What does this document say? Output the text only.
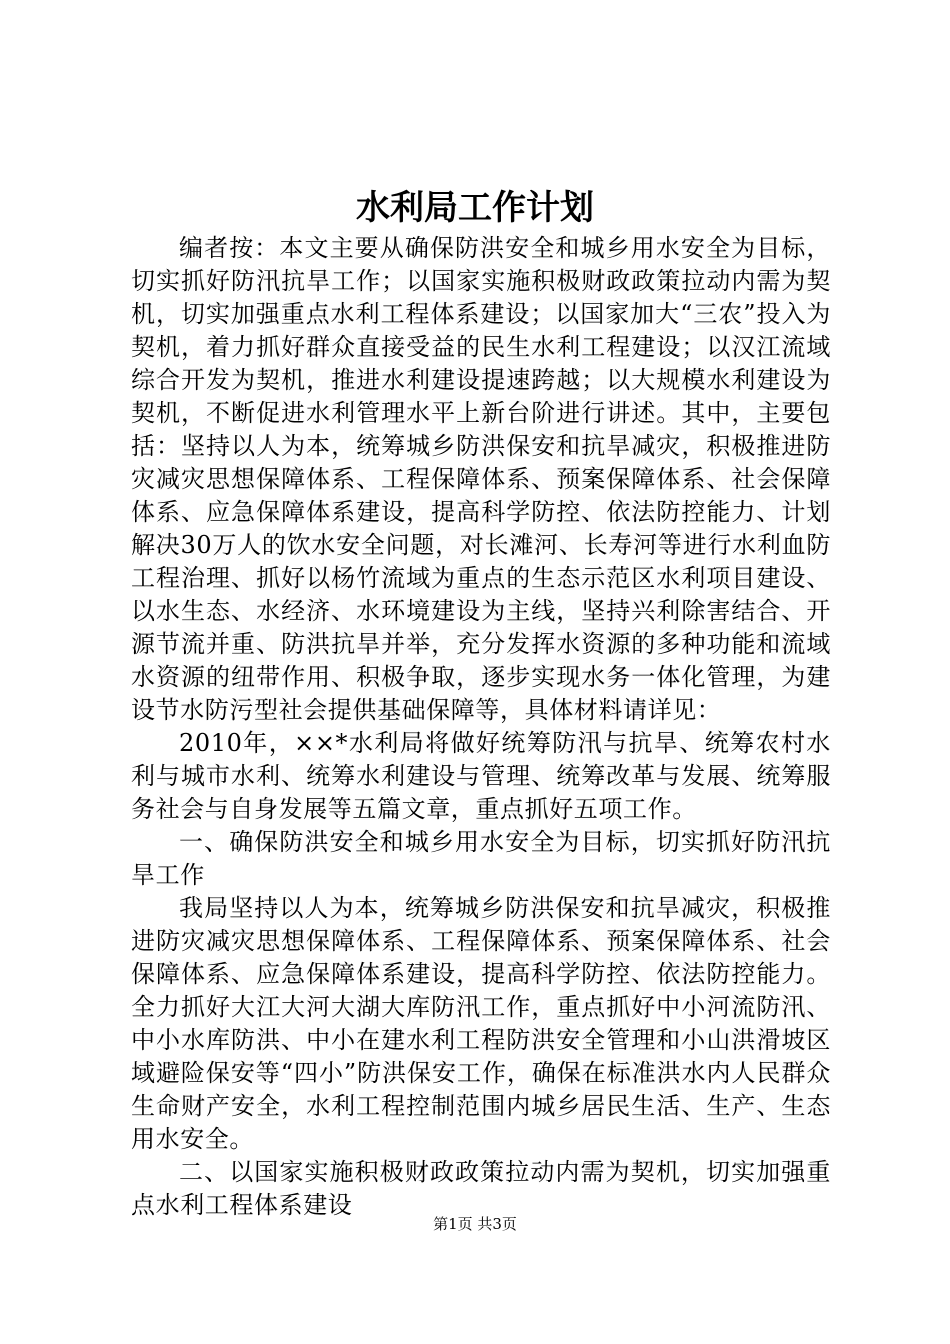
水利局工作计划

编者按：本文主要从确保防洪安全和城乡用水安全为目标，切实抓好防汛抗旱工作；以国家实施积极财政政策拉动内需为契机，切实加强重点水利工程体系建设；以国家加大“三农”投入为契机，着力抓好群众直接受益的民生水利工程建设；以汉江流域综合开发为契机，推进水利建设提速跨越；以大规模水利建设为契机，不断促进水利管理水平上新台阶进行讲述。其中，主要包括：坚持以人为本，统筹城乡防洪保安和抗旱减灾，积极推进防灾减灾思想保障体系、工程保障体系、预案保障体系、社会保障体系、应急保障体系建设，提高科学防控、依法防控能力、计划解决30万人的饮水安全问题，对长滩河、长寿河等进行水利血防工程治理、抓好以杨竹流域为重点的生态示范区水利项目建设、以水生态、水经济、水环境建设为主线，坚持兴利除害结合、开源节流并重、防洪抗旱并举，充分发挥水资源的多种功能和流域水资源的纽带作用、积极争取，逐步实现水务一体化管理，为建设节水防污型社会提供基础保障等，具体材料请详见：

2010年，××*水利局将做好统筹防汛与抗旱、统筹农村水利与城市水利、统筹水利建设与管理、统筹改革与发展、统筹服务社会与自身发展等五篇文章，重点抓好五项工作。

一、确保防洪安全和城乡用水安全为目标，切实抓好防汛抗旱工作

我局坚持以人为本，统筹城乡防洪保安和抗旱减灾，积极推进防灾减灾思想保障体系、工程保障体系、预案保障体系、社会保障体系、应急保障体系建设，提高科学防控、依法防控能力。全力抓好大江大河大湖大库防汛工作，重点抓好中小河流防汛、中小水库防洪、中小在建水利工程防洪安全管理和小山洪滑坡区域避险保安等“四小”防洪保安工作，确保在标准洪水内人民群众生命财产安全，水利工程控制范围内城乡居民生活、生产、生态用水安全。

二、以国家实施积极财政政策拉动内需为契机，切实加强重点水利工程体系建设

第1页 共3页
